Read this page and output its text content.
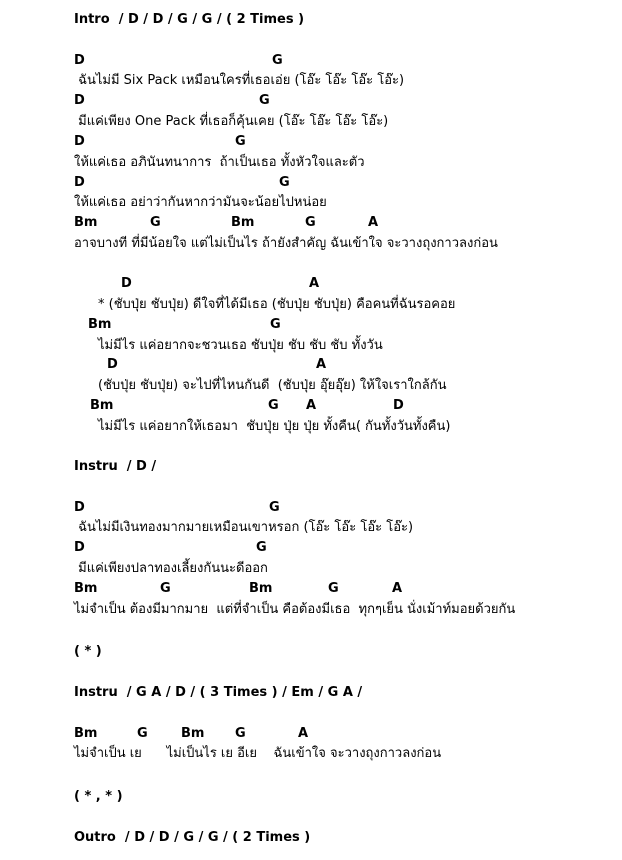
Intro  / D / D / G / G / ( 2 Times )
D	G
ฉันไม่มี Six Pack เหมือนใครที่เธอเอ่ย (โอ๊ะ โอ๊ะ โอ๊ะ โอ๊ะ)
D	G
มีแค่เพียง One Pack ที่เธอก็คุ้นเคย (โอ๊ะ โอ๊ะ โอ๊ะ โอ๊ะ)
D	G
ให้แค่เธอ อภินันทนาการ  ถ้าเป็นเธอ ทั้งหัวใจและตัว
D	G
ให้แค่เธอ อย่าว่ากันหากว่ามันจะน้อยไปหน่อย
Bm	G	Bm	G	A
อาจบางที ที่มีน้อยใจ แต่ไม่เป็นไร ถ้ายังสำคัญ ฉันเข้าใจ จะวางถุงกาวลงก่อน
D	A
* (ชับปุ่ย ชับปุ่ย) ดีใจที่ได้มีเธอ (ชับปุ่ย ชับปุ่ย) คือคนที่ฉันรอคอย
Bm	G
ไม่มีไร แค่อยากจะชวนเธอ ชับปุ่ย ชับ ชับ ชับ ทั้งวัน
D	A
(ชับปุ่ย ชับปุ่ย) จะไปที่ไหนกันดี  (ชับปุ่ย อุ๊ยอุ๊ย) ให้ใจเราใกล้กัน
Bm	G A	D
ไม่มีไร แค่อยากให้เธอมา  ชับปุ่ย ปุ่ย ปุ่ย ทั้งคืน( กันทั้งวันทั้งคืน)
Instru  / D /
D	G
ฉันไม่มีเงินทองมากมายเหมือนเขาหรอก (โอ๊ะ โอ๊ะ โอ๊ะ โอ๊ะ)
D	G
มีแค่เพียงปลาทองเลี้ยงกันนะดีออก
Bm	G	Bm	G	A
ไม่จำเป็น ต้องมีมากมาย  แต่ที่จำเป็น คือต้องมีเธอ  ทุกๆเย็น นั่งเม้าท์มอยด้วยกัน
( * )
Instru  / G A / D / ( 3 Times ) / Em / G A /
Bm	G	Bm G	A
ไม่จำเป็น เย      ไม่เป็นไร เย อีเย    ฉันเข้าใจ จะวางถุงกาวลงก่อน
( * , * )
Outro  / D / D / G / G / ( 2 Times )
